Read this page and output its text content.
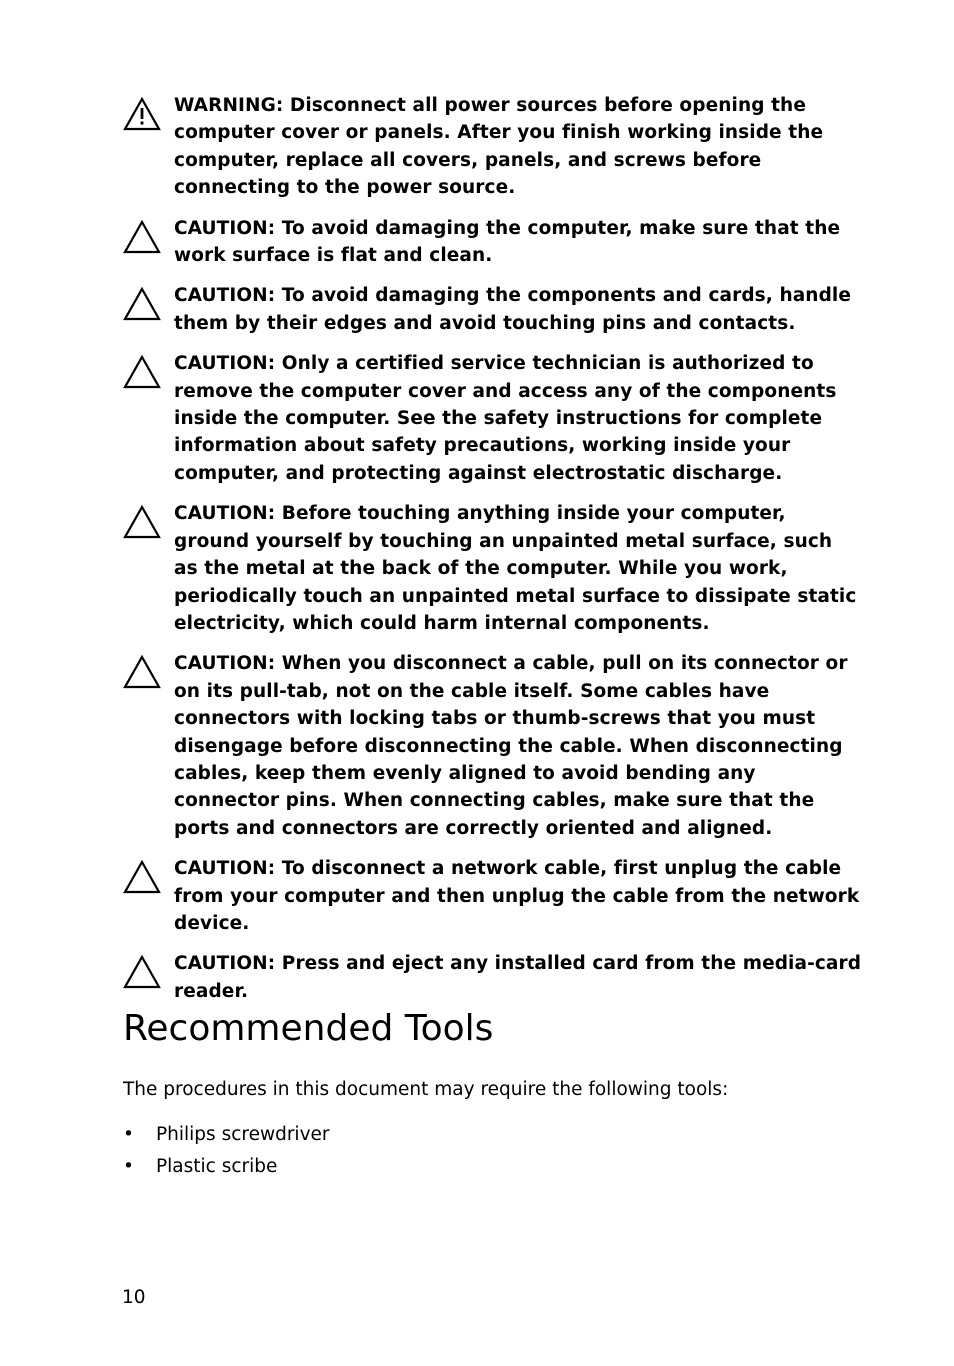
WARNING: Disconnect all power sources before opening the computer cover or panels. After you finish working inside the computer, replace all covers, panels, and screws before connecting to the power source.
CAUTION: To avoid damaging the computer, make sure that the work surface is flat and clean.
CAUTION: To avoid damaging the components and cards, handle them by their edges and avoid touching pins and contacts.
CAUTION: Only a certified service technician is authorized to remove the computer cover and access any of the components inside the computer. See the safety instructions for complete information about safety precautions, working inside your computer, and protecting against electrostatic discharge.
CAUTION: Before touching anything inside your computer, ground yourself by touching an unpainted metal surface, such as the metal at the back of the computer. While you work, periodically touch an unpainted metal surface to dissipate static electricity, which could harm internal components.
CAUTION: When you disconnect a cable, pull on its connector or on its pull-tab, not on the cable itself. Some cables have connectors with locking tabs or thumb-screws that you must disengage before disconnecting the cable. When disconnecting cables, keep them evenly aligned to avoid bending any connector pins. When connecting cables, make sure that the ports and connectors are correctly oriented and aligned.
CAUTION: To disconnect a network cable, first unplug the cable from your computer and then unplug the cable from the network device.
CAUTION: Press and eject any installed card from the media-card reader.
Recommended Tools

The procedures in this document may require the following tools:

•	Philips screwdriver
•	Plastic scribe
10
